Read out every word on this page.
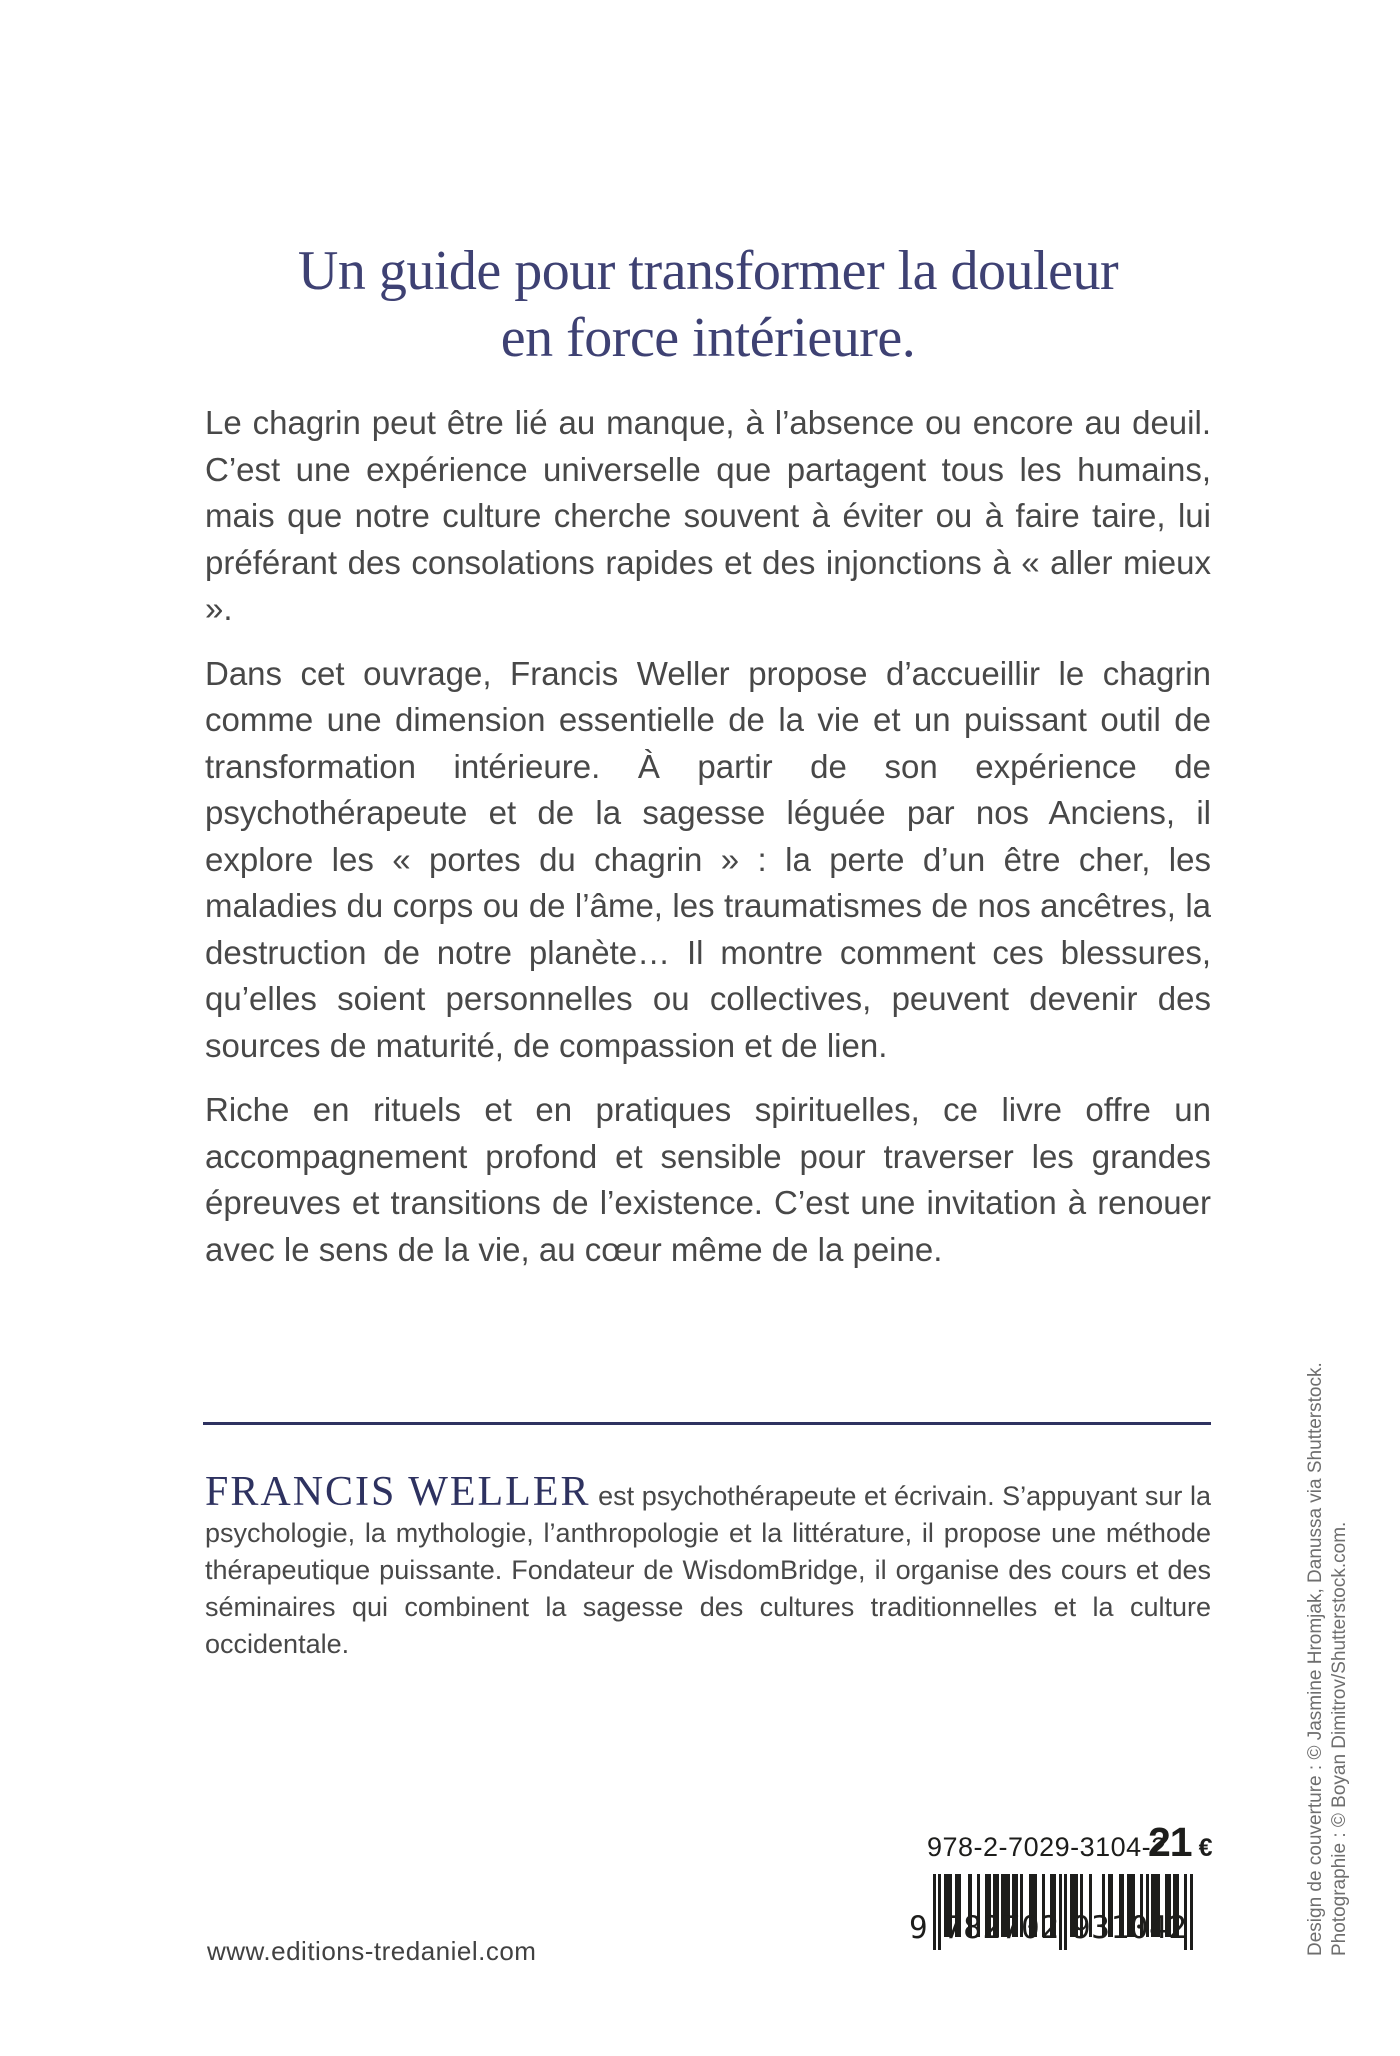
Un guide pour transformer la douleur
en force intérieure.

Le chagrin peut être lié au manque, à l’absence ou encore au deuil. C’est une expérience universelle que partagent tous les humains, mais que notre culture cherche souvent à éviter ou à faire taire, lui préférant des consolations rapides et des injonctions à « aller mieux ».

Dans cet ouvrage, Francis Weller propose d’accueillir le chagrin comme une dimension essentielle de la vie et un puissant outil de transformation intérieure. À partir de son expérience de psychothérapeute et de la sagesse léguée par nos Anciens, il explore les « portes du chagrin » : la perte d’un être cher, les maladies du corps ou de l’âme, les traumatismes de nos ancêtres, la destruction de notre planète… Il montre comment ces blessures, qu’elles soient personnelles ou collectives, peuvent devenir des sources de maturité, de compassion et de lien.

Riche en rituels et en pratiques spirituelles, ce livre offre un accompagnement profond et sensible pour traverser les grandes épreuves et transitions de l’existence. C’est une invitation à renouer avec le sens de la vie, au cœur même de la peine.

FRANCIS WELLER est psychothérapeute et écrivain. S’appuyant sur la psychologie, la mythologie, l’anthropologie et la littérature, il propose une méthode thérapeutique puissante. Fondateur de WisdomBridge, il organise des cours et des séminaires qui combinent la sagesse des cultures traditionnelles et la culture occidentale.

www.editions-tredaniel.com
978-2-7029-3104-2
21 €
9 782702 931042	Design de couverture : © Jasmine Hromjak, Danussa via Shutterstock. Photographie : © Boyan Dimitrov/Shutterstock.com.
